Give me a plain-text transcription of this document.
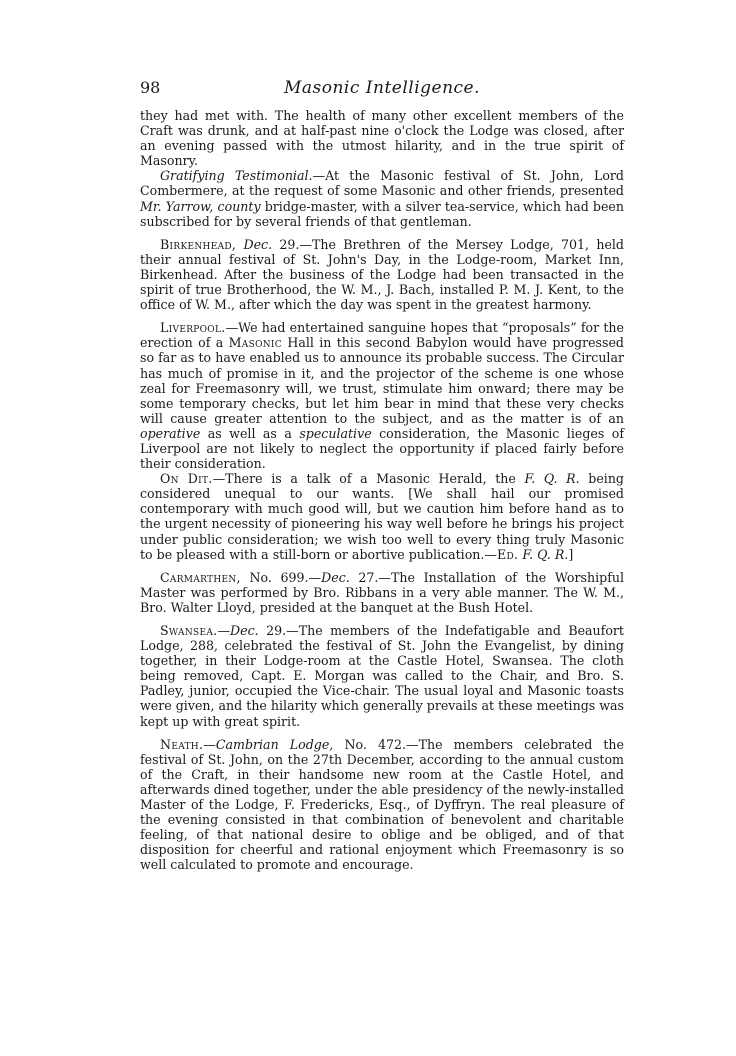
98	Masonic Intelligence.

they had met with. The health of many other excellent members of the Craft was drunk, and at half-past nine o'clock the Lodge was closed, after an evening passed with the utmost hilarity, and in the true spirit of Masonry.

Gratifying Testimonial.—At the Masonic festival of St. John, Lord Combermere, at the request of some Masonic and other friends, presented Mr. Yarrow, county bridge-master, with a silver tea-service, which had been subscribed for by several friends of that gentleman.

Birkenhead, Dec. 29.—The Brethren of the Mersey Lodge, 701, held their annual festival of St. John's Day, in the Lodge-room, Market Inn, Birkenhead. After the business of the Lodge had been transacted in the spirit of true Brotherhood, the W. M., J. Bach, installed P. M. J. Kent, to the office of W. M., after which the day was spent in the greatest harmony.

Liverpool.—We had entertained sanguine hopes that “proposals” for the erection of a Masonic Hall in this second Babylon would have progressed so far as to have enabled us to announce its probable success. The Circular has much of promise in it, and the projector of the scheme is one whose zeal for Freemasonry will, we trust, stimulate him onward; there may be some temporary checks, but let him bear in mind that these very checks will cause greater attention to the subject, and as the matter is of an operative as well as a speculative consideration, the Masonic lieges of Liverpool are not likely to neglect the opportunity if placed fairly before their consideration.

On Dit.—There is a talk of a Masonic Herald, the F. Q. R. being considered unequal to our wants. [We shall hail our promised contemporary with much good will, but we caution him before hand as to the urgent necessity of pioneering his way well before he brings his project under public consideration; we wish too well to every thing truly Masonic to be pleased with a still-born or abortive publication.—Ed. F. Q. R.]

Carmarthen, No. 699.—Dec. 27.—The Installation of the Worshipful Master was performed by Bro. Ribbans in a very able manner. The W. M., Bro. Walter Lloyd, presided at the banquet at the Bush Hotel.

Swansea.—Dec. 29.—The members of the Indefatigable and Beaufort Lodge, 288, celebrated the festival of St. John the Evangelist, by dining together, in their Lodge-room at the Castle Hotel, Swansea. The cloth being removed, Capt. E. Morgan was called to the Chair, and Bro. S. Padley, junior, occupied the Vice-chair. The usual loyal and Masonic toasts were given, and the hilarity which generally prevails at these meetings was kept up with great spirit.

Neath.—Cambrian Lodge, No. 472.—The members celebrated the festival of St. John, on the 27th December, according to the annual custom of the Craft, in their handsome new room at the Castle Hotel, and afterwards dined together, under the able presidency of the newly-installed Master of the Lodge, F. Fredericks, Esq., of Dyffryn. The real pleasure of the evening consisted in that combination of benevolent and charitable feeling, of that national desire to oblige and be obliged, and of that disposition for cheerful and rational enjoyment which Freemasonry is so well calculated to promote and encourage.
